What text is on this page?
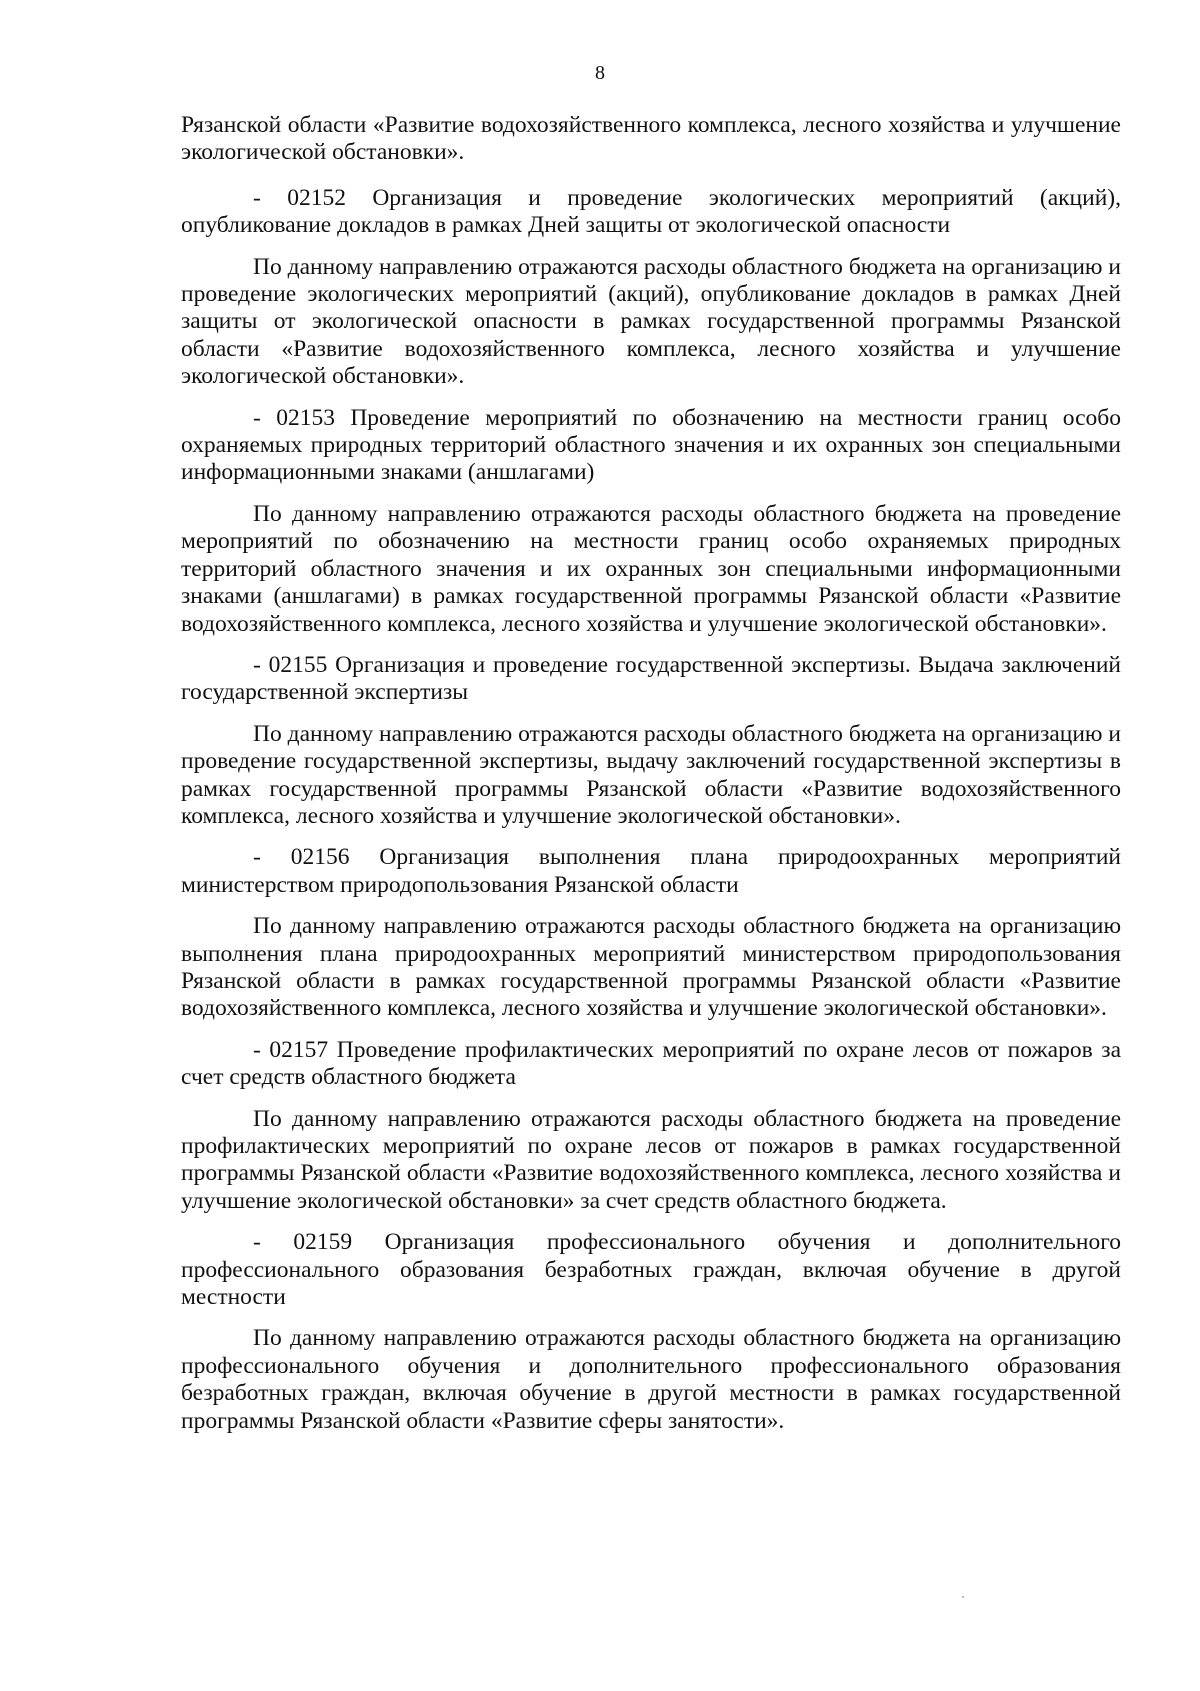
8

Рязанской области «Развитие водохозяйственного комплекса, лесного хозяйства и улучшение экологической обстановки».

- 02152 Организация и проведение экологических мероприятий (акций), опубликование докладов в рамках Дней защиты от экологической опасности

По данному направлению отражаются расходы областного бюджета на организацию и проведение экологических мероприятий (акций), опубликование докладов в рамках Дней защиты от экологической опасности в рамках государственной программы Рязанской области «Развитие водохозяйственного комплекса, лесного хозяйства и улучшение экологической обстановки».

- 02153 Проведение мероприятий по обозначению на местности границ особо охраняемых природных территорий областного значения и их охранных зон специальными информационными знаками (аншлагами)

По данному направлению отражаются расходы областного бюджета на проведение мероприятий по обозначению на местности границ особо охраняемых природных территорий областного значения и их охранных зон специальными информационными знаками (аншлагами) в рамках государственной программы Рязанской области «Развитие водохозяйственного комплекса, лесного хозяйства и улучшение экологической обстановки».

- 02155 Организация и проведение государственной экспертизы. Выдача заключений государственной экспертизы

По данному направлению отражаются расходы областного бюджета на организацию и проведение государственной экспертизы, выдачу заключений государственной экспертизы в рамках государственной программы Рязанской области «Развитие водохозяйственного комплекса, лесного хозяйства и улучшение экологической обстановки».

- 02156 Организация выполнения плана природоохранных мероприятий министерством природопользования Рязанской области

По данному направлению отражаются расходы областного бюджета на организацию выполнения плана природоохранных мероприятий министерством природопользования Рязанской области в рамках государственной программы Рязанской области «Развитие водохозяйственного комплекса, лесного хозяйства и улучшение экологической обстановки».

- 02157 Проведение профилактических мероприятий по охране лесов от пожаров за счет средств областного бюджета

По данному направлению отражаются расходы областного бюджета на проведение профилактических мероприятий по охране лесов от пожаров в рамках государственной программы Рязанской области «Развитие водохозяйственного комплекса, лесного хозяйства и улучшение экологической обстановки» за счет средств областного бюджета.

- 02159 Организация профессионального обучения и дополнительного профессионального образования безработных граждан, включая обучение в другой местности

По данному направлению отражаются расходы областного бюджета на организацию профессионального обучения и дополнительного профессионального образования безработных граждан, включая обучение в другой местности в рамках государственной программы Рязанской области «Развитие сферы занятости».
